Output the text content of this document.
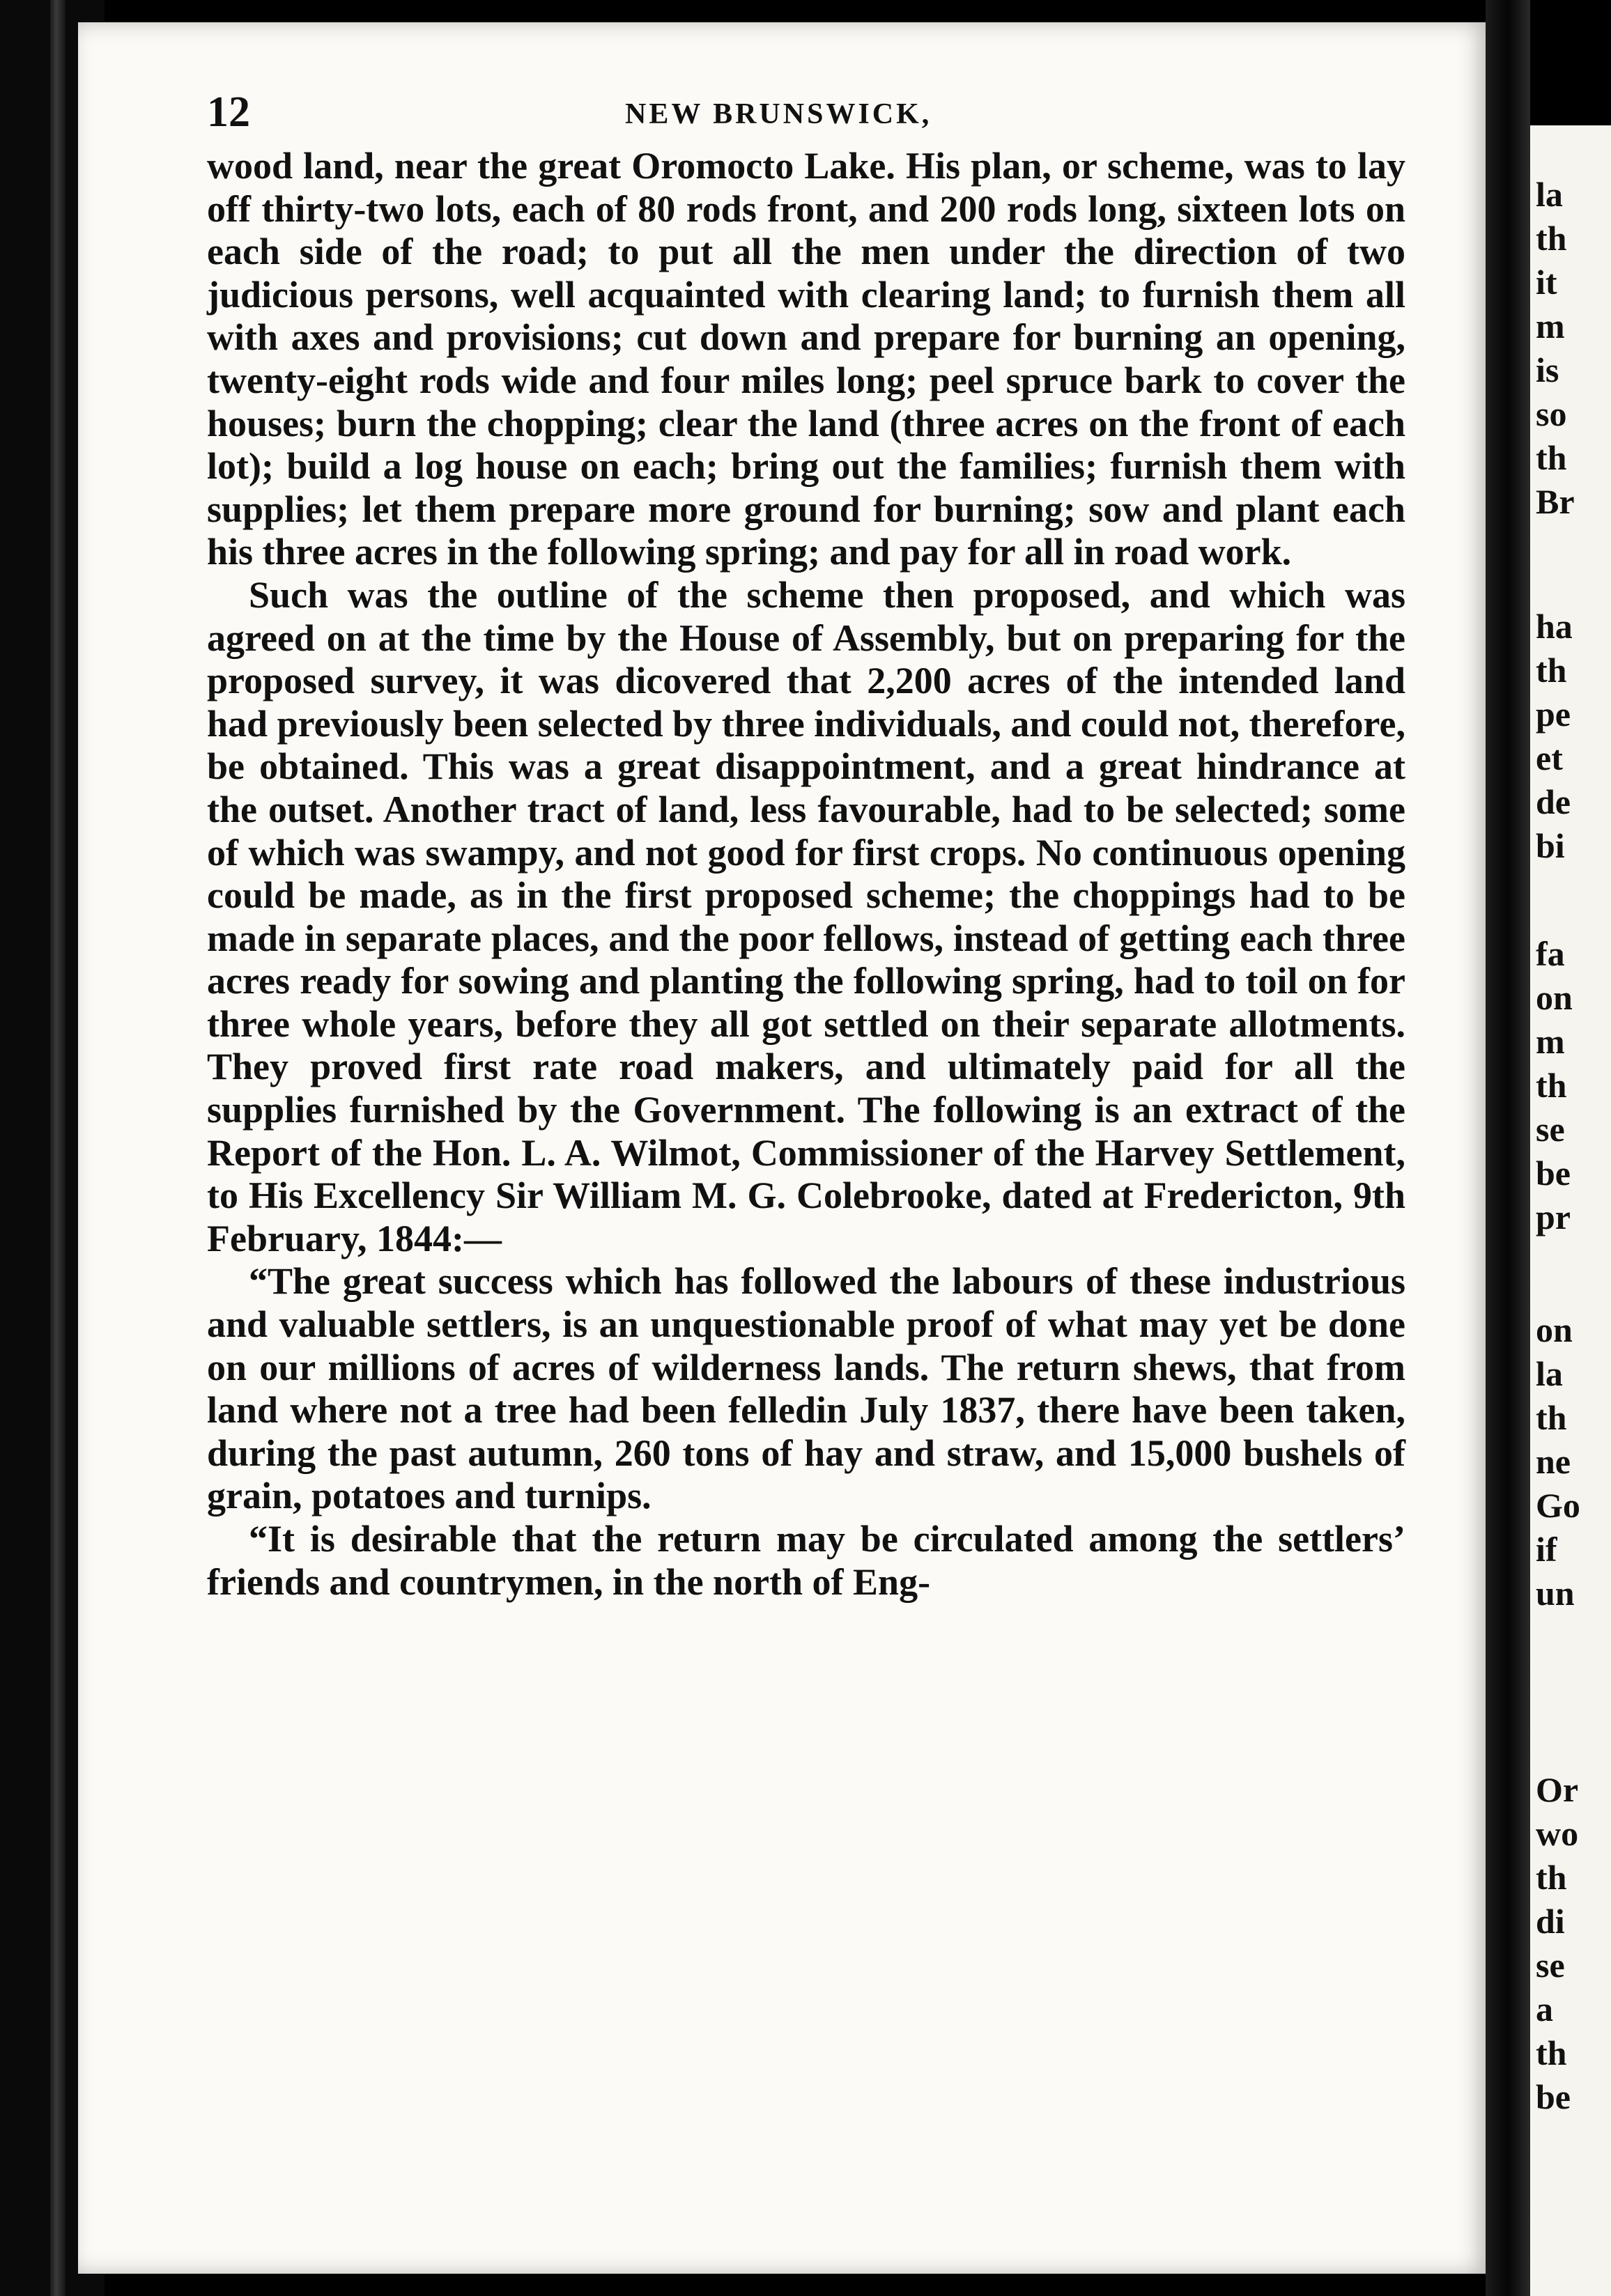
12	NEW BRUNSWICK,

wood land, near the great Oromocto Lake. His plan, or scheme, was to lay off thirty-two lots, each of 80 rods front, and 200 rods long, sixteen lots on each side of the road; to put all the men under the direction of two judicious persons, well acquainted with clearing land; to furnish them all with axes and provisions; cut down and prepare for burning an opening, twenty-eight rods wide and four miles long; peel spruce bark to cover the houses; burn the chopping; clear the land (three acres on the front of each lot); build a log house on each; bring out the families; furnish them with supplies; let them prepare more ground for burning; sow and plant each his three acres in the following spring; and pay for all in road work.

Such was the outline of the scheme then proposed, and which was agreed on at the time by the House of Assembly, but on preparing for the proposed survey, it was dicovered that 2,200 acres of the intended land had previously been selected by three individuals, and could not, therefore, be obtained. This was a great disappointment, and a great hindrance at the outset. Another tract of land, less favourable, had to be selected; some of which was swampy, and not good for first crops. No continuous opening could be made, as in the first proposed scheme; the choppings had to be made in separate places, and the poor fellows, instead of getting each three acres ready for sowing and planting the following spring, had to toil on for three whole years, before they all got settled on their separate allotments. They proved first rate road makers, and ultimately paid for all the supplies furnished by the Government. The following is an extract of the Report of the Hon. L. A. Wilmot, Commissioner of the Harvey Settlement, to His Excellency Sir William M. G. Colebrooke, dated at Fredericton, 9th February, 1844:—

“The great success which has followed the labours of these industrious and valuable settlers, is an unquestionable proof of what may yet be done on our millions of acres of wilderness lands. The return shews, that from land where not a tree had been felledin July 1837, there have been taken, during the past autumn, 260 tons of hay and straw, and 15,000 bushels of grain, potatoes and turnips.

“It is desirable that the return may be circulated among the settlers’ friends and countrymen, in the north of Eng-

la
th
it
m
is
so
th
Br
ha
th
pe
et
de
bi
fa
on
m
th
se
be
pr
on
la
th
ne
Go
if
un
Or
wo
th
di
se
a
th
be
